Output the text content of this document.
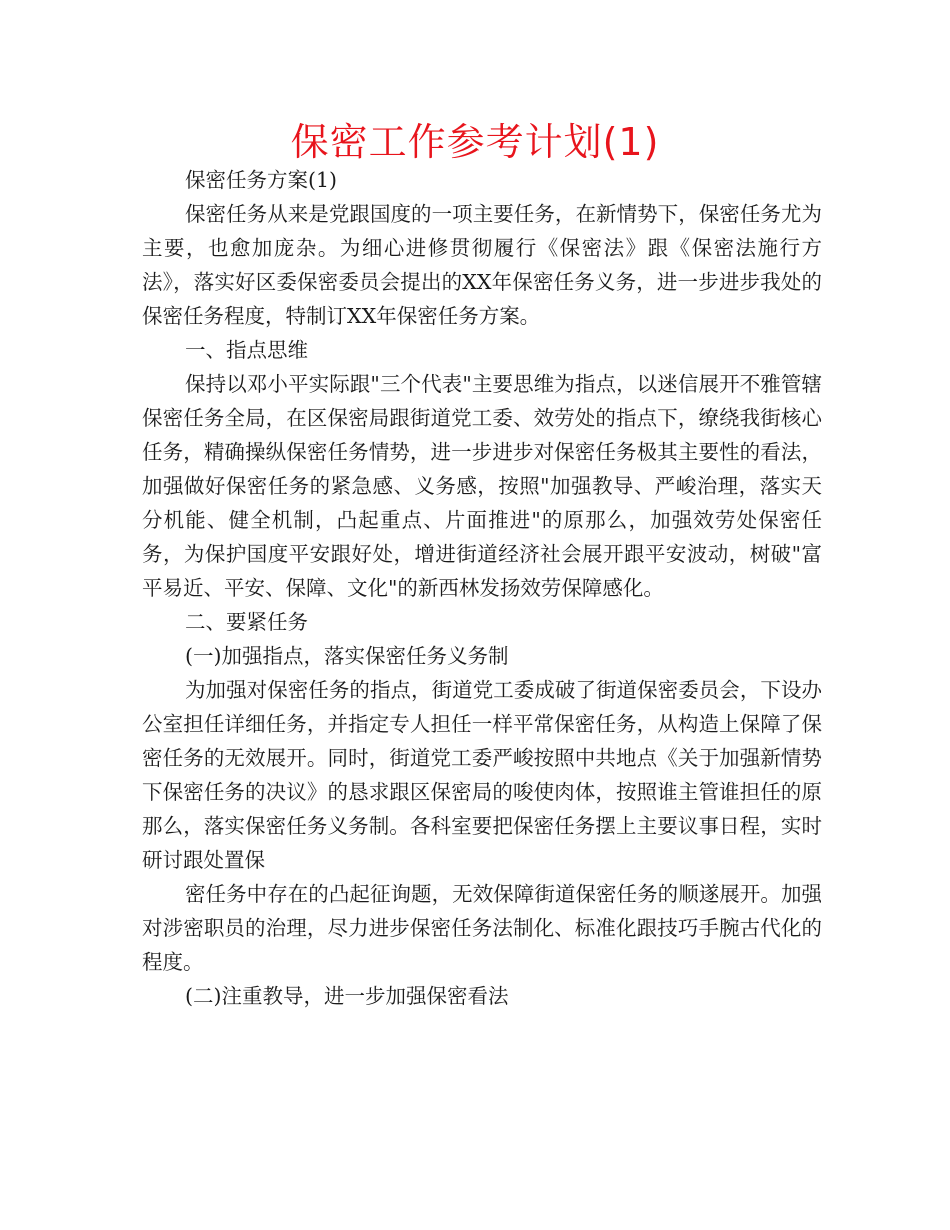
保密工作参考计划(1)

保密任务方案(1)

保密任务从来是党跟国度的一项主要任务，在新情势下，保密任务尤为主要，也愈加庞杂。为细心进修贯彻履行《保密法》跟《保密法施行方法》，落实好区委保密委员会提出的XX年保密任务义务，进一步进步我处的保密任务程度，特制订XX年保密任务方案。

一、指点思维

保持以邓小平实际跟"三个代表"主要思维为指点，以迷信展开不雅管辖保密任务全局，在区保密局跟街道党工委、效劳处的指点下，缭绕我街核心任务，精确操纵保密任务情势，进一步进步对保密任务极其主要性的看法，加强做好保密任务的紧急感、义务感，按照"加强教导、严峻治理，落实天分机能、健全机制，凸起重点、片面推进"的原那么，加强效劳处保密任务，为保护国度平安跟好处，增进街道经济社会展开跟平安波动，树破"富平易近、平安、保障、文化"的新西林发扬效劳保障感化。

二、要紧任务

(一)加强指点，落实保密任务义务制

为加强对保密任务的指点，街道党工委成破了街道保密委员会，下设办公室担任详细任务，并指定专人担任一样平常保密任务，从构造上保障了保密任务的无效展开。同时，街道党工委严峻按照中共地点《关于加强新情势下保密任务的决议》的恳求跟区保密局的唆使肉体，按照谁主管谁担任的原那么，落实保密任务义务制。各科室要把保密任务摆上主要议事日程，实时研讨跟处置保

密任务中存在的凸起征询题，无效保障街道保密任务的顺遂展开。加强对涉密职员的治理，尽力进步保密任务法制化、标准化跟技巧手腕古代化的程度。

(二)注重教导，进一步加强保密看法
